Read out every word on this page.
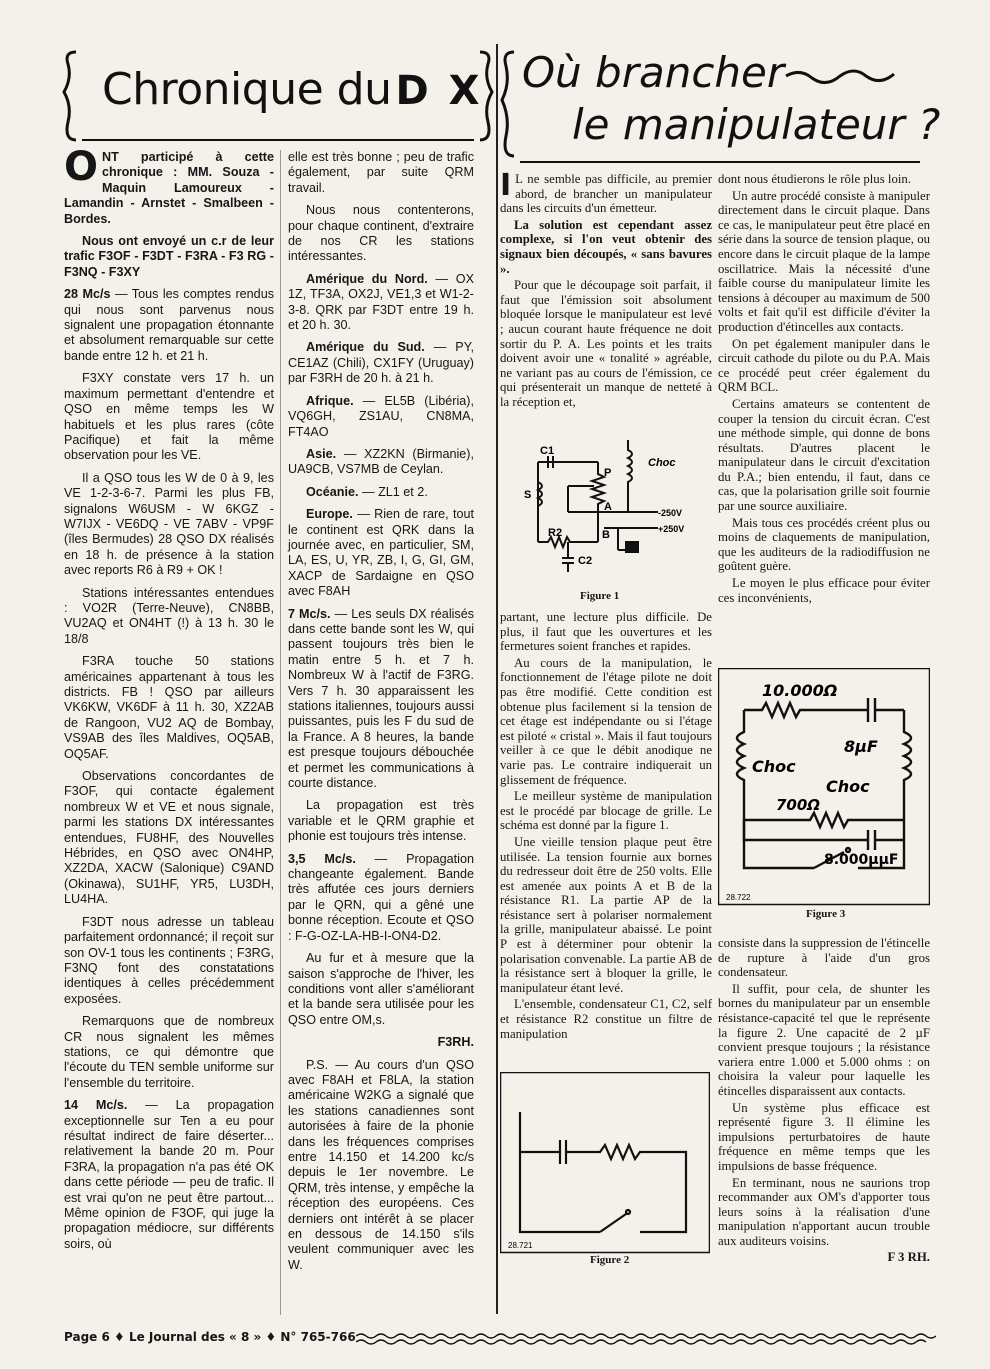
Chronique du D X Où brancher
le manipulateur ?

ONT participé à cette chronique : MM. Souza - Maquin Lamoureux - Lamandin - Arnstet - Smalbeen - Bordes.

Nous ont envoyé un c.r de leur trafic F3OF - F3DT - F3RA - F3 RG - F3NQ - F3XY

28 Mc/s — Tous les comptes rendus qui nous sont parvenus nous signalent une propagation étonnante et absolument remarquable sur cette bande entre 12 h. et 21 h.

F3XY constate vers 17 h. un maximum permettant d'entendre et QSO en même temps les W habituels et les plus rares (côte Pacifique) et fait la même observation pour les VE.

Il a QSO tous les W de 0 à 9, les VE 1-2-3-6-7. Parmi les plus FB, signalons W6USM - W 6KGZ - W7IJX - VE6DQ - VE 7ABV - VP9F (îles Bermudes) 28 QSO DX réalisés en 18 h. de présence à la station avec reports R6 à R9 + OK !

Stations intéressantes entendues : VO2R (Terre-Neuve), CN8BB, VU2AQ et ON4HT (!) à 13 h. 30 le 18/8

F3RA touche 50 stations américaines appartenant à tous les districts. FB ! QSO par ailleurs VK6KW, VK6DF à 11 h. 30, XZ2AB de Rangoon, VU2 AQ de Bombay, VS9AB des îles Maldives, OQ5AB, OQ5AF.

Observations concordantes de F3OF, qui contacte également nombreux W et VE et nous signale, parmi les stations DX intéressantes entendues, FU8HF, des Nouvelles Hébrides, en QSO avec ON4HP, XZ2DA, XACW (Salonique) C9AND (Okinawa), SU1HF, YR5, LU3DH, LU4HA.

F3DT nous adresse un tableau parfaitement ordonnancé; il reçoit sur son OV-1 tous les continents ; F3RG, F3NQ font des constatations identiques à celles précédemment exposées.

Remarquons que de nombreux CR nous signalent les mêmes stations, ce qui démontre que l'écoute du TEN semble uniforme sur l'ensemble du territoire.

14 Mc/s. — La propagation exceptionnelle sur Ten a eu pour résultat indirect de faire déserter... relativement la bande 20 m. Pour F3RA, la propagation n'a pas été OK dans cette période — peu de trafic. Il est vrai qu'on ne peut être partout... Même opinion de F3OF, qui juge la propagation médiocre, sur différents soirs, où

elle est très bonne ; peu de trafic également, par suite QRM travail.

Nous nous contenterons, pour chaque continent, d'extraire de nos CR les stations intéressantes.

Amérique du Nord. — OX 1Z, TF3A, OX2J, VE1,3 et W1-2-3-8. QRK par F3DT entre 19 h. et 20 h. 30.

Amérique du Sud. — PY, CE1AZ (Chili), CX1FY (Uruguay) par F3RH de 20 h. à 21 h.

Afrique. — EL5B (Libéria), VQ6GH, ZS1AU, CN8MA, FT4AO

Asie. — XZ2KN (Birmanie), UA9CB, VS7MB de Ceylan.

Océanie. — ZL1 et 2.

Europe. — Rien de rare, tout le continent est QRK dans la journée avec, en particulier, SM, LA, ES, U, YR, ZB, I, G, GI, GM, XACP de Sardaigne en QSO avec F8AH

7 Mc/s. — Les seuls DX réalisés dans cette bande sont les W, qui passent toujours très bien le matin entre 5 h. et 7 h. Nombreux W à l'actif de F3RG. Vers 7 h. 30 apparaissent les stations italiennes, toujours aussi puissantes, puis les F du sud de la France. A 8 heures, la bande est presque toujours débouchée et permet les communications à courte distance.

La propagation est très variable et le QRM graphie et phonie est toujours très intense.

3,5 Mc/s. — Propagation changeante également. Bande très affutée ces jours derniers par le QRN, qui a gêné une bonne réception. Ecoute et QSO : F-G-OZ-LA-HB-I-ON4-D2.

Au fur et à mesure que la saison s'approche de l'hiver, les conditions vont aller s'améliorant et la bande sera utilisée pour les QSO entre OM,s.

F3RH.

P.S. — Au cours d'un QSO avec F8AH et F8LA, la station américaine W2KG a signalé que les stations canadiennes sont autorisées à faire de la phonie dans les fréquences comprises entre 14.150 et 14.200 kc/s depuis le 1er novembre. Le QRM, très intense, y empêche la réception des européens. Ces derniers ont intérêt à se placer en dessous de 14.150 s'ils veulent communiquer avec les W.

I L ne semble pas difficile, au premier abord, de brancher un manipulateur dans les circuits d'un émetteur.

La solution est cependant assez complexe, si l'on veut obtenir des signaux bien découpés, « sans bavures ».

Pour que le découpage soit parfait, il faut que l'émission soit absolument bloquée lorsque le manipulateur est levé ; aucun courant haute fréquence ne doit sortir du P. A. Les points et les traits doivent avoir une « tonalité » agréable, ne variant pas au cours de l'émission, ce qui présenterait un manque de netteté à la réception et,

C1
S
P
A
B
R2
C2
Choc
-250V
+250V
Figure 1

partant, une lecture plus difficile. De plus, il faut que les ouvertures et les fermetures soient franches et rapides.

Au cours de la manipulation, le fonctionnement de l'étage pilote ne doit pas être modifié. Cette condition est obtenue plus facilement si la tension de cet étage est indépendante ou si l'étage est piloté « cristal ». Mais il faut toujours veiller à ce que le débit anodique ne varie pas. Le contraire indiquerait un glissement de fréquence.

Le meilleur système de manipulation est le procédé par blocage de grille. Le schéma est donné par la figure 1.

Une vieille tension plaque peut être utilisée. La tension fournie aux bornes du redresseur doit être de 250 volts. Elle est amenée aux points A et B de la résistance R1. La partie AP de la résistance sert à polariser normalement la grille, manipulateur abaissé. Le point P est à déterminer pour obtenir la polarisation convenable. La partie AB de la résistance sert à bloquer la grille, le manipulateur étant levé.

L'ensemble, condensateur C1, C2, self et résistance R2 constitue un filtre de manipulation

28.721
Figure 2

dont nous étudierons le rôle plus loin.

Un autre procédé consiste à manipuler directement dans le circuit plaque. Dans ce cas, le manipulateur peut être placé en série dans la source de tension plaque, ou encore dans le circuit plaque de la lampe oscillatrice. Mais la nécessité d'une faible course du manipulateur limite les tensions à découper au maximum de 500 volts et fait qu'il est difficile d'éviter la production d'étincelles aux contacts.

On pet également manipuler dans le circuit cathode du pilote ou du P.A. Mais ce procédé peut créer également du QRM BCL.

Certains amateurs se contentent de couper la tension du circuit écran. C'est une méthode simple, qui donne de bons résultats. D'autres placent le manipulateur dans le circuit d'excitation du P.A.; bien entendu, il faut, dans ce cas, que la polarisation grille soit fournie par une source auxiliaire.

Mais tous ces procédés créent plus ou moins de claquements de manipulation, que les auditeurs de la radiodiffusion ne goûtent guère.

Le moyen le plus efficace pour éviter ces inconvénients,

10.000Ω
8µF
Choc
Choc
700Ω
8.000µµF
28.722
Figure 3

consiste dans la suppression de l'étincelle de rupture à l'aide d'un gros condensateur.

Il suffit, pour cela, de shunter les bornes du manipulateur par un ensemble résistance-capacité tel que le représente la figure 2. Une capacité de 2 µF convient presque toujours ; la résistance variera entre 1.000 et 5.000 ohms : on choisira la valeur pour laquelle les étincelles disparaissent aux contacts.

Un système plus efficace est représenté figure 3. Il élimine les impulsions perturbatoires de haute fréquence en même temps que les impulsions de basse fréquence.

En terminant, nous ne saurions trop recommander aux OM's d'apporter tous leurs soins à la réalisation d'une manipulation n'apportant aucun trouble aux auditeurs voisins.

F 3 RH.

Page 6 ♦ Le Journal des « 8 » ♦ N° 765-766
